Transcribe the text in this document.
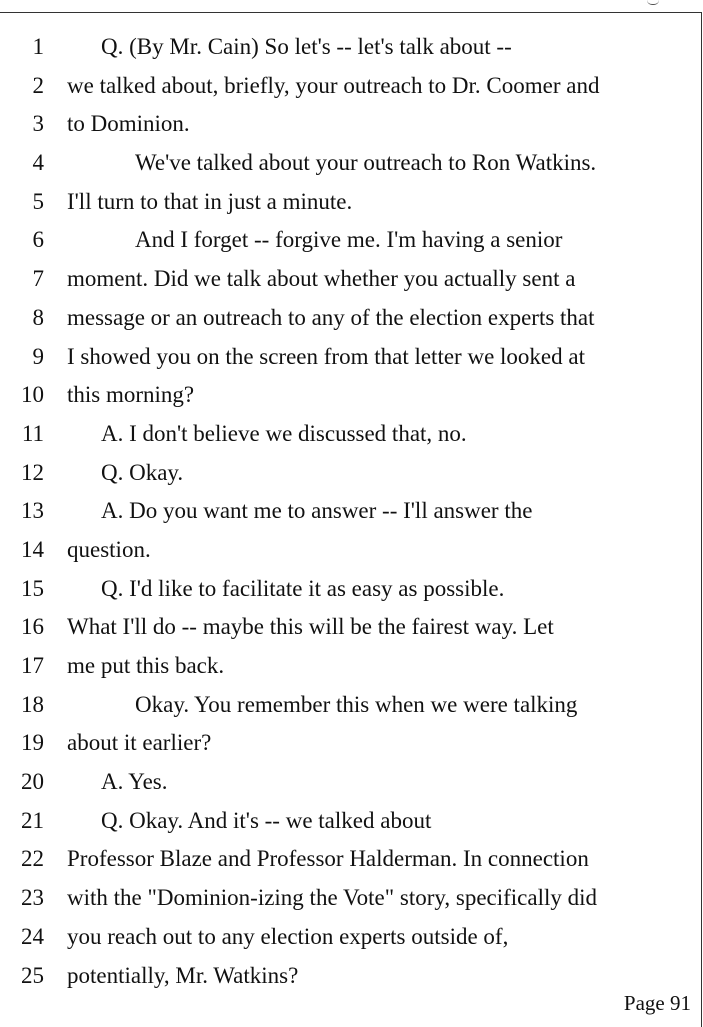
1 Q. (By Mr. Cain) So let's -- let's talk about --
2 we talked about, briefly, your outreach to Dr. Coomer and
3 to Dominion.
4	We've talked about your outreach to Ron Watkins.
5 I'll turn to that in just a minute.
6	And I forget -- forgive me. I'm having a senior
7 moment. Did we talk about whether you actually sent a
8 message or an outreach to any of the election experts that
9 I showed you on the screen from that letter we looked at
10 this morning?
11 A. I don't believe we discussed that, no.
12 Q. Okay.
13 A. Do you want me to answer -- I'll answer the
14 question.
15 Q. I'd like to facilitate it as easy as possible.
16 What I'll do -- maybe this will be the fairest way. Let
17 me put this back.
18	Okay. You remember this when we were talking
19 about it earlier?
20 A. Yes.
21 Q. Okay. And it's -- we talked about
22 Professor Blaze and Professor Halderman. In connection
23 with the "Dominion-izing the Vote" story, specifically did
24 you reach out to any election experts outside of,
25 potentially, Mr. Watkins?
Page 91
